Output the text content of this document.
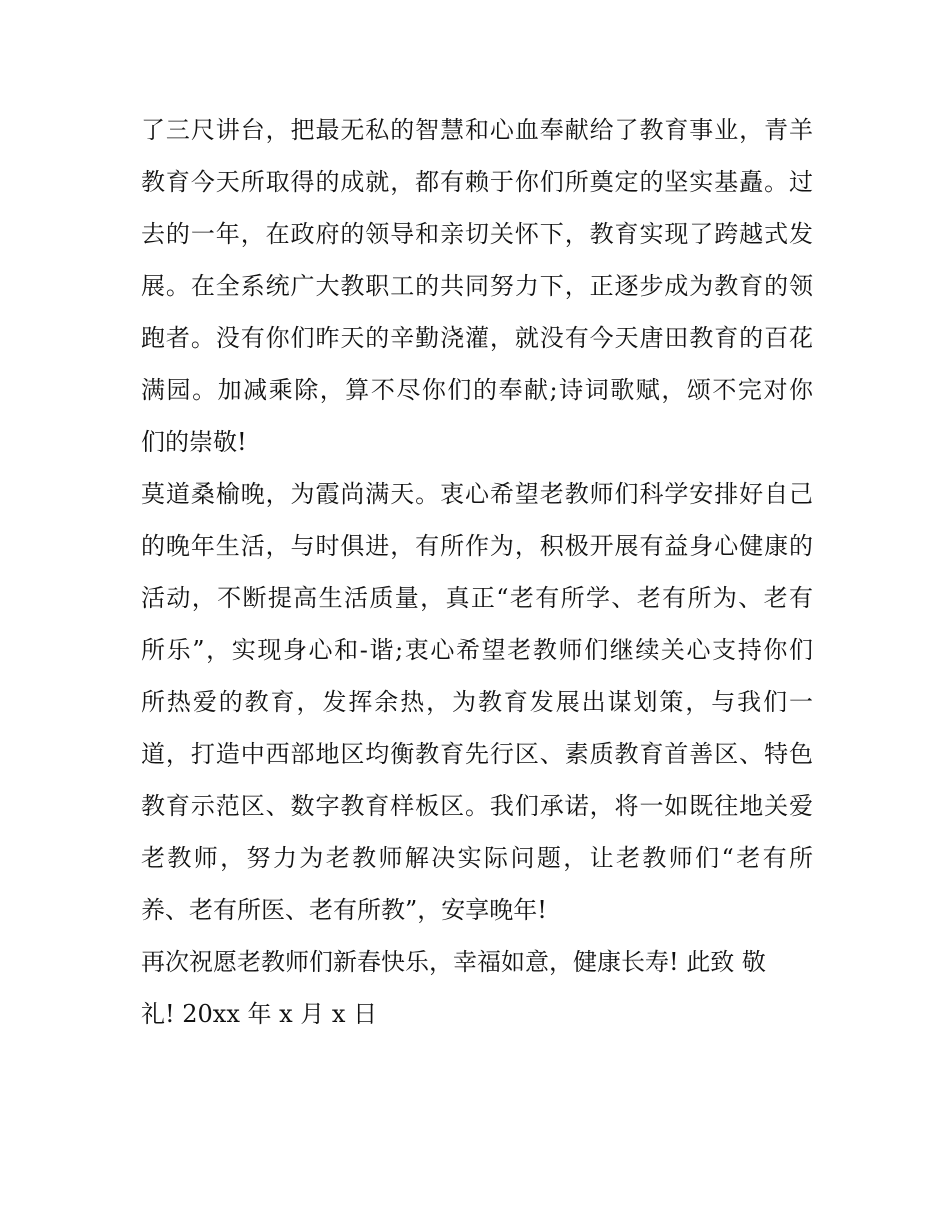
了三尺讲台，把最无私的智慧和心血奉献给了教育事业，青羊
教育今天所取得的成就，都有赖于你们所奠定的坚实基矗。过
去的一年，在政府的领导和亲切关怀下，教育实现了跨越式发
展。在全系统广大教职工的共同努力下，正逐步成为教育的领
跑者。没有你们昨天的辛勤浇灌，就没有今天唐田教育的百花
满园。加减乘除，算不尽你们的奉献;诗词歌赋，颂不完对你
们的崇敬!
莫道桑榆晚，为霞尚满天。衷心希望老教师们科学安排好自己
的晚年生活，与时俱进，有所作为，积极开展有益身心健康的
活动，不断提高生活质量，真正“老有所学、老有所为、老有
所乐”，实现身心和-谐;衷心希望老教师们继续关心支持你们
所热爱的教育，发挥余热，为教育发展出谋划策，与我们一
道，打造中西部地区均衡教育先行区、素质教育首善区、特色
教育示范区、数字教育样板区。我们承诺，将一如既往地关爱
老教师，努力为老教师解决实际问题，让老教师们“老有所
养、老有所医、老有所教”，安享晚年!
再次祝愿老教师们新春快乐，幸福如意，健康长寿! 此致 敬
礼! 20xx 年 x 月 x 日
